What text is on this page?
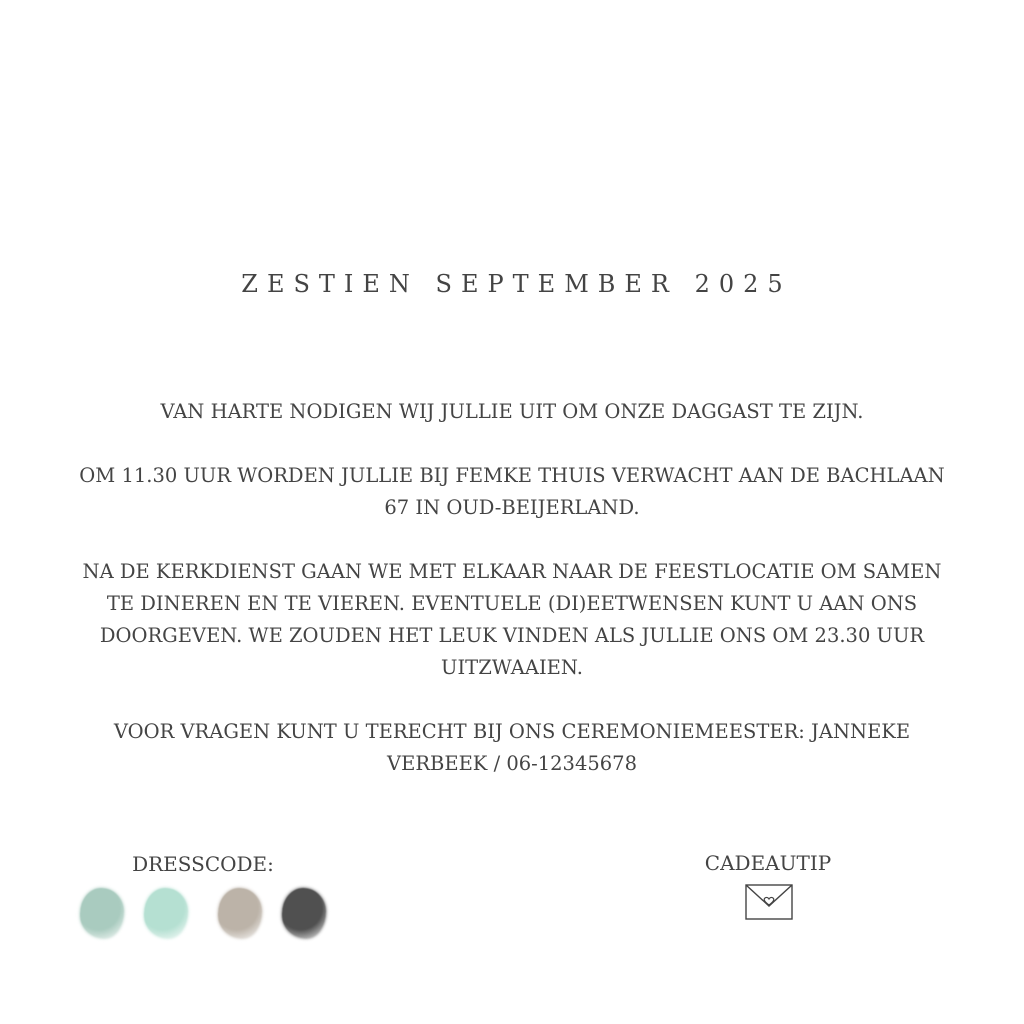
ZESTIEN SEPTEMBER 2025

VAN HARTE NODIGEN WIJ JULLIE UIT OM ONZE DAGGAST TE ZIJN.

OM 11.30 UUR WORDEN JULLIE BIJ FEMKE THUIS VERWACHT AAN DE BACHLAAN 67 IN OUD-BEIJERLAND.

NA DE KERKDIENST GAAN WE MET ELKAAR NAAR DE FEESTLOCATIE OM SAMEN TE DINEREN EN TE VIEREN. EVENTUELE (DI)EETWENSEN KUNT U AAN ONS DOORGEVEN. WE ZOUDEN HET LEUK VINDEN ALS JULLIE ONS OM 23.30 UUR UITZWAAIEN.

VOOR VRAGEN KUNT U TERECHT BIJ ONS CEREMONIEMEESTER: JANNEKE VERBEEK / 06-12345678

DRESSCODE:	CADEAUTIP
